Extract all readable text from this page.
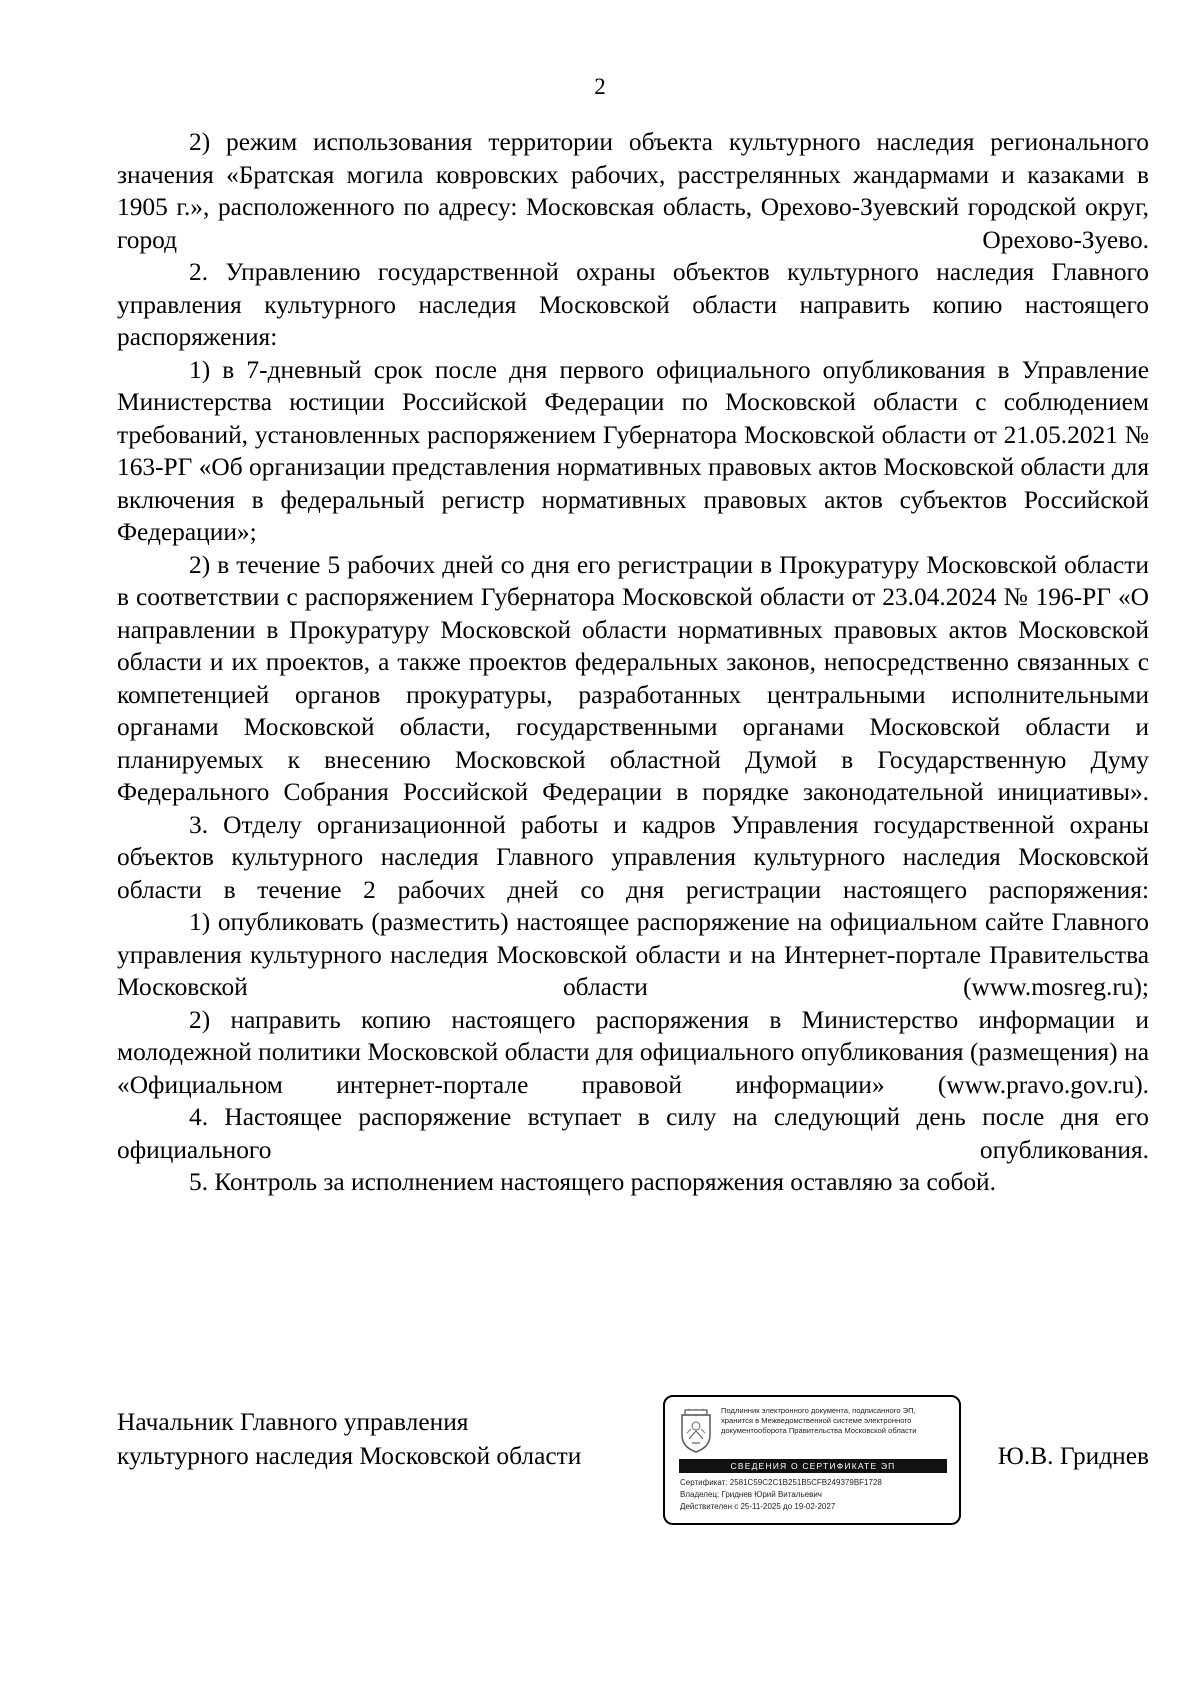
2

2) режим использования территории объекта культурного наследия регионального значения «Братская могила ковровских рабочих, расстрелянных жандармами и казаками в 1905 г.», расположенного по адресу: Московская область, Орехово-Зуевский городской округ, город Орехово-Зуево.

2. Управлению государственной охраны объектов культурного наследия Главного управления культурного наследия Московской области направить копию настоящего распоряжения:

1) в 7-дневный срок после дня первого официального опубликования в Управление Министерства юстиции Российской Федерации по Московской области с соблюдением требований, установленных распоряжением Губернатора Московской области от 21.05.2021 № 163-РГ «Об организации представления нормативных правовых актов Московской области для включения в федеральный регистр нормативных правовых актов субъектов Российской Федерации»;

2) в течение 5 рабочих дней со дня его регистрации в Прокуратуру Московской области в соответствии с распоряжением Губернатора Московской области от 23.04.2024 № 196-РГ «О направлении в Прокуратуру Московской области нормативных правовых актов Московской области и их проектов, а также проектов федеральных законов, непосредственно связанных с компетенцией органов прокуратуры, разработанных центральными исполнительными органами Московской области, государственными органами Московской области и планируемых к внесению Московской областной Думой в Государственную Думу Федерального Собрания Российской Федерации в порядке законодательной инициативы».

3. Отделу организационной работы и кадров Управления государственной охраны объектов культурного наследия Главного управления культурного наследия Московской области в течение 2 рабочих дней со дня регистрации настоящего распоряжения:

1) опубликовать (разместить) настоящее распоряжение на официальном сайте Главного управления культурного наследия Московской области и на Интернет-портале Правительства Московской области (www.mosreg.ru);

2) направить копию настоящего распоряжения в Министерство информации и молодежной политики Московской области для официального опубликования (размещения) на «Официальном интернет-портале правовой информации» (www.pravo.gov.ru).

4. Настоящее распоряжение вступает в силу на следующий день после дня его официального опубликования.

5. Контроль за исполнением настоящего распоряжения оставляю за собой.

Начальник Главного управления
культурного наследия Московской области
Подлинник электронного документа, подписанного ЭП,
хранится в Межведомственной системе электронного
документооборота Правительства Московской области
СВЕДЕНИЯ О СЕРТИФИКАТЕ ЭП
Сертификат: 2581C59C2C1B251B5CFB249379BF1728
Владелец: Гриднев Юрий Витальевич
Действителен с 25-11-2025 до 19-02-2027
Ю.В. Гриднев
